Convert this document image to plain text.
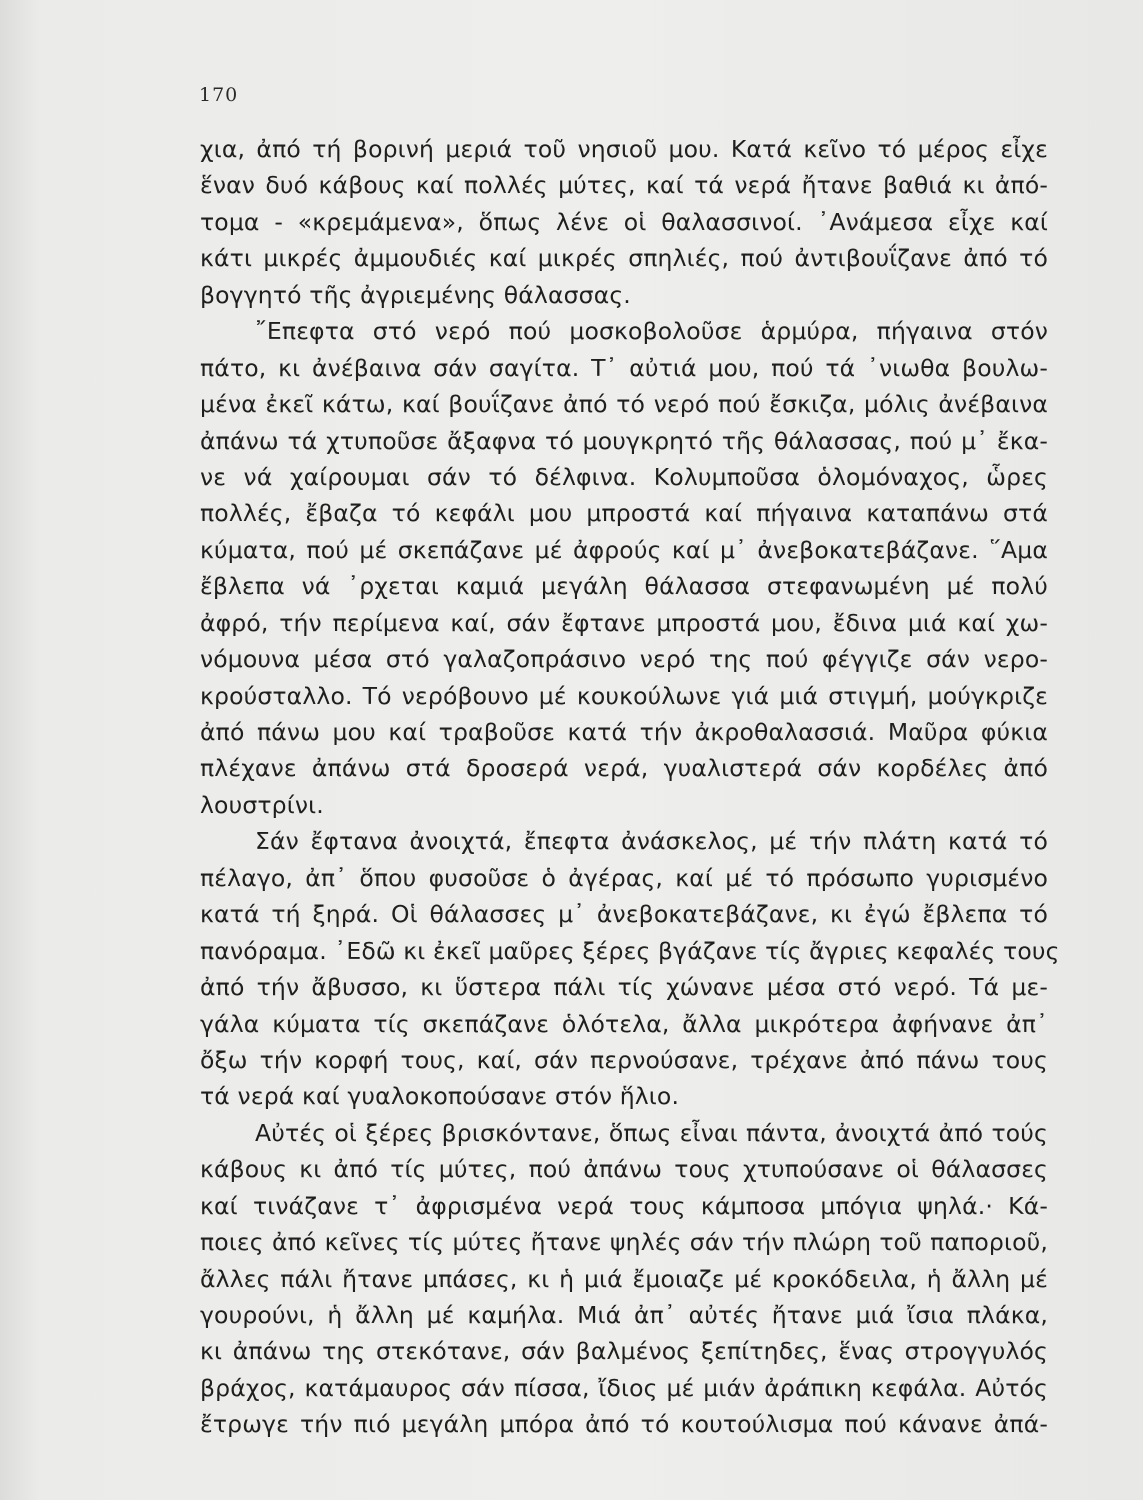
170
χια, ἀπό τή βορινή μεριά τοῦ νησιοῦ μου. Κατά κεῖνο τό μέρος εἶχε
ἕναν δυό κάβους καί πολλές μύτες, καί τά νερά ἤτανε βαθιά κι ἀπό-
τομα - «κρεμάμενα», ὅπως λένε οἱ θαλασσινοί. ᾿Ανάμεσα εἶχε καί
κάτι μικρές ἀμμουδιές καί μικρές σπηλιές, πού ἀντιβουΐζανε ἀπό τό
βογγητό τῆς ἀγριεμένης θάλασσας.
῎Επεφτα στό νερό πού μοσκοβολοῦσε ἁρμύρα, πήγαινα στόν
πάτο, κι ἀνέβαινα σάν σαγίτα. Τ᾿ αὐτιά μου, πού τά ᾿νιωθα βουλω-
μένα ἐκεῖ κάτω, καί βουΐζανε ἀπό τό νερό πού ἔσκιζα, μόλις ἀνέβαινα
ἀπάνω τά χτυποῦσε ἄξαφνα τό μουγκρητό τῆς θάλασσας, πού μ᾿ ἔκα-
νε νά χαίρουμαι σάν τό δέλφινα. Κολυμποῦσα ὁλομόναχος, ὧρες
πολλές, ἔβαζα τό κεφάλι μου μπροστά καί πήγαινα καταπάνω στά
κύματα, πού μέ σκεπάζανε μέ ἀφρούς καί μ᾿ ἀνεβοκατεβάζανε. ῞Αμα
ἔβλεπα νά ᾿ρχεται καμιά μεγάλη θάλασσα στεφανωμένη μέ πολύ
ἀφρό, τήν περίμενα καί, σάν ἔφτανε μπροστά μου, ἔδινα μιά καί χω-
νόμουνα μέσα στό γαλαζοπράσινο νερό της πού φέγγιζε σάν νερο-
κρούσταλλο. Τό νερόβουνο μέ κουκούλωνε γιά μιά στιγμή, μούγκριζε
ἀπό πάνω μου καί τραβοῦσε κατά τήν ἀκροθαλασσιά. Μαῦρα φύκια
πλέχανε ἀπάνω στά δροσερά νερά, γυαλιστερά σάν κορδέλες ἀπό
λουστρίνι.
Σάν ἔφτανα ἀνοιχτά, ἔπεφτα ἀνάσκελος, μέ τήν πλάτη κατά τό
πέλαγο, ἀπ᾿ ὅπου φυσοῦσε ὁ ἀγέρας, καί μέ τό πρόσωπο γυρισμένο
κατά τή ξηρά. Οἱ θάλασσες μ᾿ ἀνεβοκατεβάζανε, κι ἐγώ ἔβλεπα τό
πανόραμα. ᾿Εδῶ κι ἐκεῖ μαῦρες ξέρες βγάζανε τίς ἄγριες κεφαλές τους
ἀπό τήν ἄβυσσο, κι ὕστερα πάλι τίς χώνανε μέσα στό νερό. Τά με-
γάλα κύματα τίς σκεπάζανε ὁλότελα, ἄλλα μικρότερα ἀφήνανε ἀπ᾿
ὄξω τήν κορφή τους, καί, σάν περνούσανε, τρέχανε ἀπό πάνω τους
τά νερά καί γυαλοκοπούσανε στόν ἥλιο.
Αὐτές οἱ ξέρες βρισκόντανε, ὅπως εἶναι πάντα, ἀνοιχτά ἀπό τούς
κάβους κι ἀπό τίς μύτες, πού ἀπάνω τους χτυπούσανε οἱ θάλασσες
καί τινάζανε τ᾿ ἀφρισμένα νερά τους κάμποσα μπόγια ψηλά.· Κά-
ποιες ἀπό κεῖνες τίς μύτες ἤτανε ψηλές σάν τήν πλώρη τοῦ παποριοῦ,
ἄλλες πάλι ἤτανε μπάσες, κι ἡ μιά ἔμοιαζε μέ κροκόδειλα, ἡ ἄλλη μέ
γουρούνι, ἡ ἄλλη μέ καμήλα. Μιά ἀπ᾿ αὐτές ἤτανε μιά ἴσια πλάκα,
κι ἀπάνω της στεκότανε, σάν βαλμένος ξεπίτηδες, ἕνας στρογγυλός
βράχος, κατάμαυρος σάν πίσσα, ἴδιος μέ μιάν ἀράπικη κεφάλα. Αὐτός
ἔτρωγε τήν πιό μεγάλη μπόρα ἀπό τό κουτούλισμα πού κάνανε ἀπά-
